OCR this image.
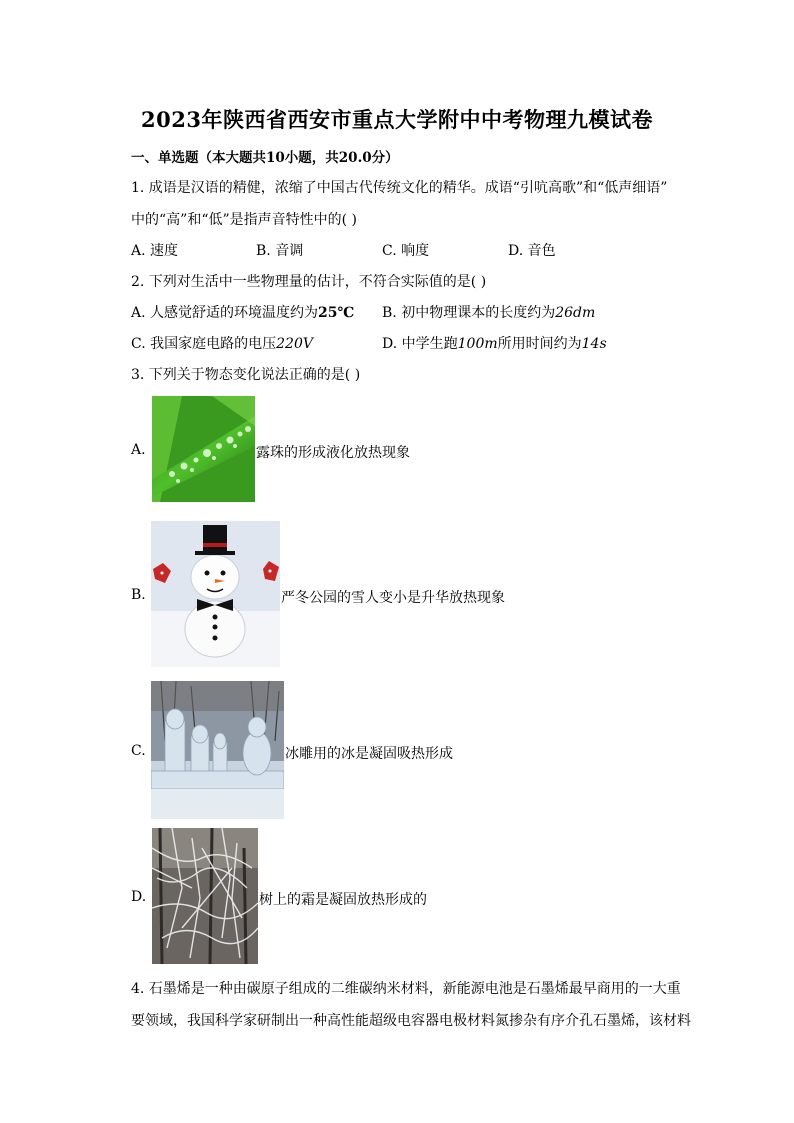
2023年陕西省西安市重点大学附中中考物理九模试卷
一、单选题（本大题共10小题，共20.0分）
1. 成语是汉语的精健，浓缩了中国古代传统文化的精华。成语“引吭高歌”和“低声细语”
中的“高”和“低”是指声音特性中的( )
A. 速度	B. 音调	C. 响度	D. 音色
2. 下列对生活中一些物理量的估计，不符合实际值的是( )
A. 人感觉舒适的环境温度约为25℃ B. 初中物理课本的长度约为26dm
C. 我国家庭电路的电压220V	D. 中学生跑100m所用时间约为14s
3. 下列关于物态变化说法正确的是( )
A.	露珠的形成液化放热现象
B.	严冬公园的雪人变小是升华放热现象
C.	冰雕用的冰是凝固吸热形成
D.	树上的霜是凝固放热形成的
4. 石墨烯是一种由碳原子组成的二维碳纳米材料，新能源电池是石墨烯最早商用的一大重
要领域，我国科学家研制出一种高性能超级电容器电极材料氮掺杂有序介孔石墨烯，该材料
